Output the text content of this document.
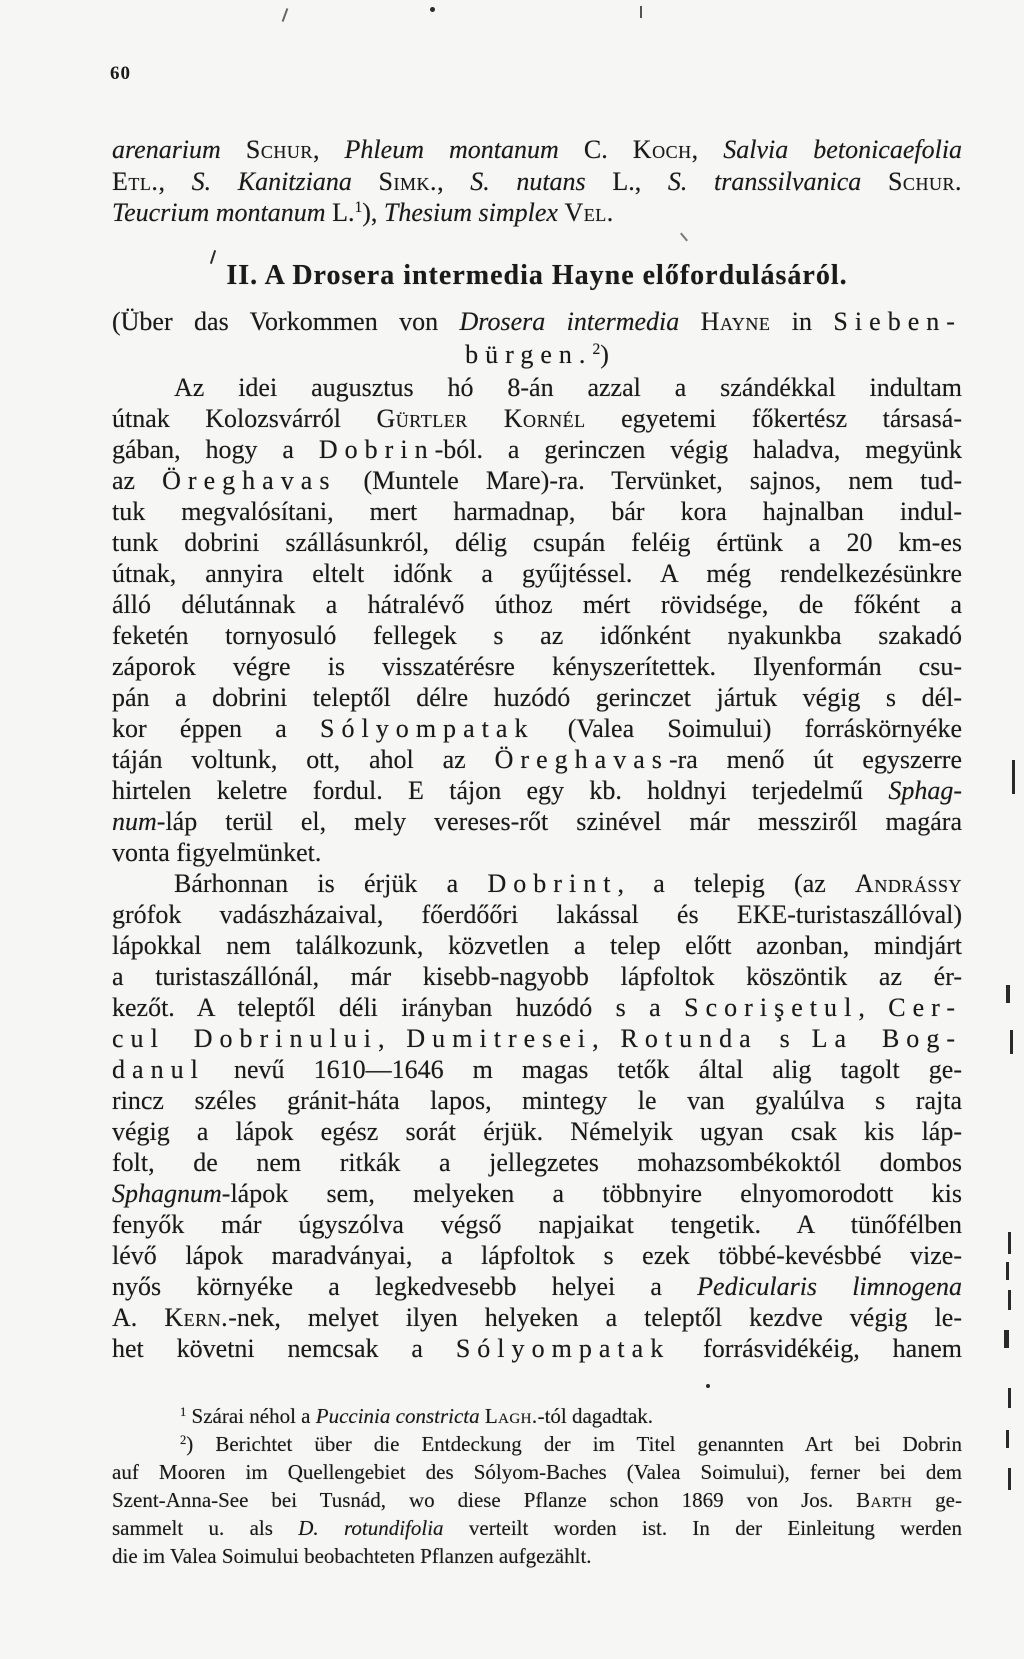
60
arenarium Schur, Phleum montanum C. Koch, Salvia betonicaefolia
Etl., S. Kanitziana Simk., S. nutans L., S. transsilvanica Schur.
Teucrium montanum L.$^1$), Thesium simplex Vel.
II. A Drosera intermedia Hayne előfordulásáról.
(Über das Vorkommen von Drosera intermedia Hayne in Sieben-
bürgen.$^2$)
Az idei augusztus hó 8-án azzal a szándékkal indultam
útnak Kolozsvárról Gürtler Kornél egyetemi főkertész társasá-
gában, hogy a Dobrin-ból. a gerinczen végig haladva, megyünk
az Öreghavas (Muntele Mare)-ra. Tervünket, sajnos, nem tud-
tuk megvalósítani, mert harmadnap, bár kora hajnalban indul-
tunk dobrini szállásunkról, délig csupán feléig értünk a 20 km-es
útnak, annyira eltelt időnk a gyűjtéssel. A még rendelkezésünkre
álló délutánnak a hátralévő úthoz mért rövidsége, de főként a
feketén tornyosuló fellegek s az időnként nyakunkba szakadó
záporok végre is visszatérésre kényszerítettek. Ilyenformán csu-
pán a dobrini teleptől délre huzódó gerinczet jártuk végig s dél-
kor éppen a Sólyompatak (Valea Soimului) forráskörnyéke
táján voltunk, ott, ahol az Öreghavas-ra menő út egyszerre
hirtelen keletre fordul. E tájon egy kb. holdnyi terjedelmű Sphag-
num-láp terül el, mely vereses-rőt szinével már messziről magára
vonta figyelmünket.
Bárhonnan is érjük a Dobrint, a telepig (az Andrássy
grófok vadászházaival, főerdőőri lakással és EKE-turistaszállóval)
lápokkal nem találkozunk, közvetlen a telep előtt azonban, mindjárt
a turistaszállónál, már kisebb-nagyobb lápfoltok köszöntik az ér-
kezőt. A teleptől déli irányban huzódó s a Scorişetul, Cer-
cul Dobrinului, Dumitresei, Rotunda s La Bog-
danul nevű 1610—1646 m magas tetők által alig tagolt ge-
rincz széles gránit-háta lapos, mintegy le van gyalúlva s rajta
végig a lápok egész sorát érjük. Némelyik ugyan csak kis láp-
folt, de nem ritkák a jellegzetes mohazsombékoktól dombos
Sphagnum-lápok sem, melyeken a többnyire elnyomorodott kis
fenyők már úgyszólva végső napjaikat tengetik. A tünőfélben
lévő lápok maradványai, a lápfoltok s ezek többé-kevésbbé vize-
nyős környéke a legkedvesebb helyei a Pedicularis limnogena
A. Kern.-nek, melyet ilyen helyeken a teleptől kezdve végig le-
het követni nemcsak a Sólyompatak forrásvidékéig, hanem
$^1$ Szárai néhol a Puccinia constricta Lagh.-tól dagadtak.
$^2$) Berichtet über die Entdeckung der im Titel genannten Art bei Dobrin
auf Mooren im Quellengebiet des Sólyom-Baches (Valea Soimului), ferner bei dem
Szent-Anna-See bei Tusnád, wo diese Pflanze schon 1869 von Jos. Barth ge-
sammelt u. als D. rotundifolia verteilt worden ist. In der Einleitung werden
die im Valea Soimului beobachteten Pflanzen aufgezählt.
